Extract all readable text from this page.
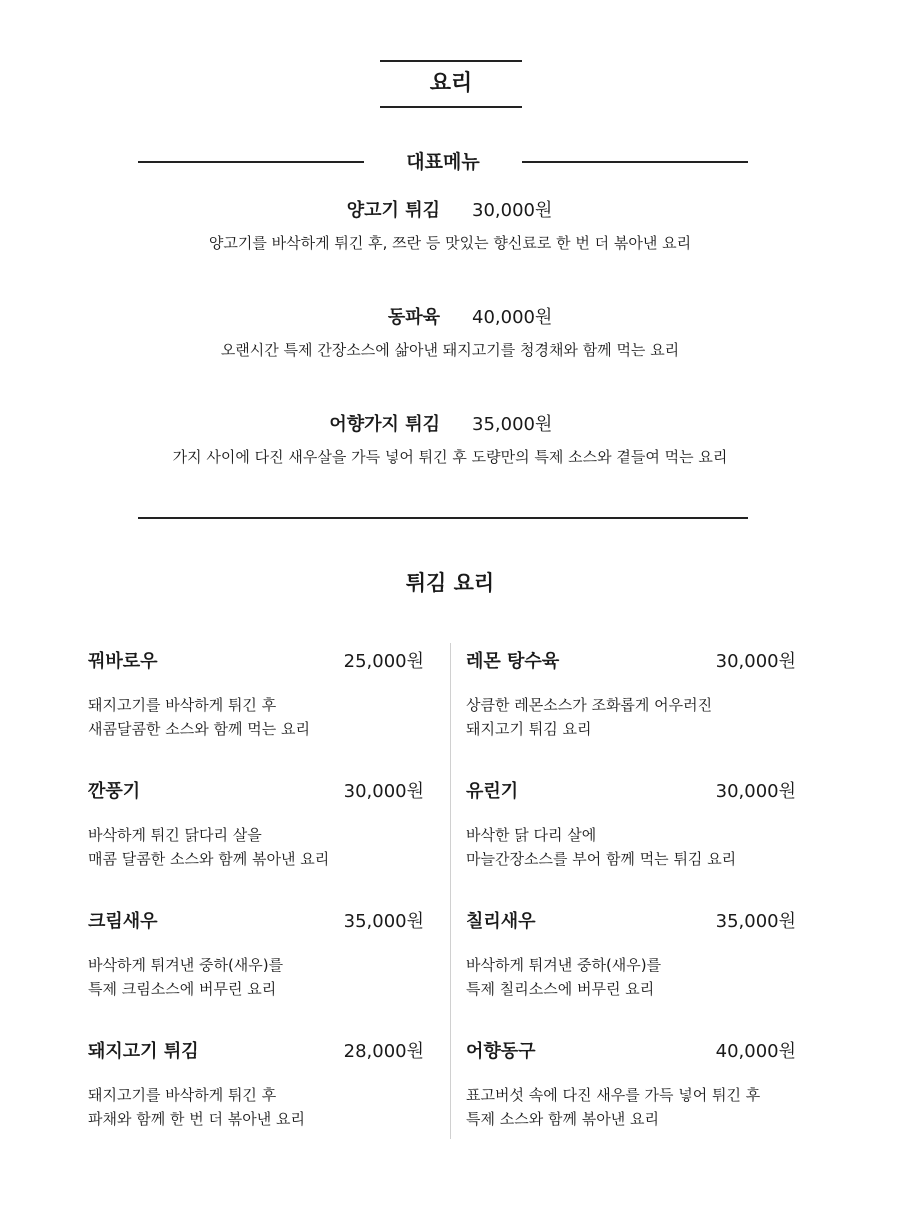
요리
대표메뉴
양고기 튀김 30,000원
양고기를 바삭하게 튀긴 후, 쯔란 등 맛있는 향신료로 한 번 더 볶아낸 요리
동파육 40,000원
오랜시간 특제 간장소스에 삶아낸 돼지고기를 청경채와 함께 먹는 요리
어향가지 튀김 35,000원
가지 사이에 다진 새우살을 가득 넣어 튀긴 후 도량만의 특제 소스와 곁들여 먹는 요리
튀김 요리
꿔바로우	25,000원
돼지고기를 바삭하게 튀긴 후
새콤달콤한 소스와 함께 먹는 요리
깐풍기	30,000원
바삭하게 튀긴 닭다리 살을
매콤 달콤한 소스와 함께 볶아낸 요리
크림새우	35,000원
바삭하게 튀겨낸 중하(새우)를
특제 크림소스에 버무린 요리
돼지고기 튀김	28,000원
돼지고기를 바삭하게 튀긴 후
파채와 함께 한 번 더 볶아낸 요리
레몬 탕수육	30,000원
상큼한 레몬소스가 조화롭게 어우러진
돼지고기 튀김 요리
유린기	30,000원
바삭한 닭 다리 살에
마늘간장소스를 부어 함께 먹는 튀김 요리
칠리새우	35,000원
바삭하게 튀겨낸 중하(새우)를
특제 칠리소스에 버무린 요리
어향동구	40,000원
표고버섯 속에 다진 새우를 가득 넣어 튀긴 후
특제 소스와 함께 볶아낸 요리
